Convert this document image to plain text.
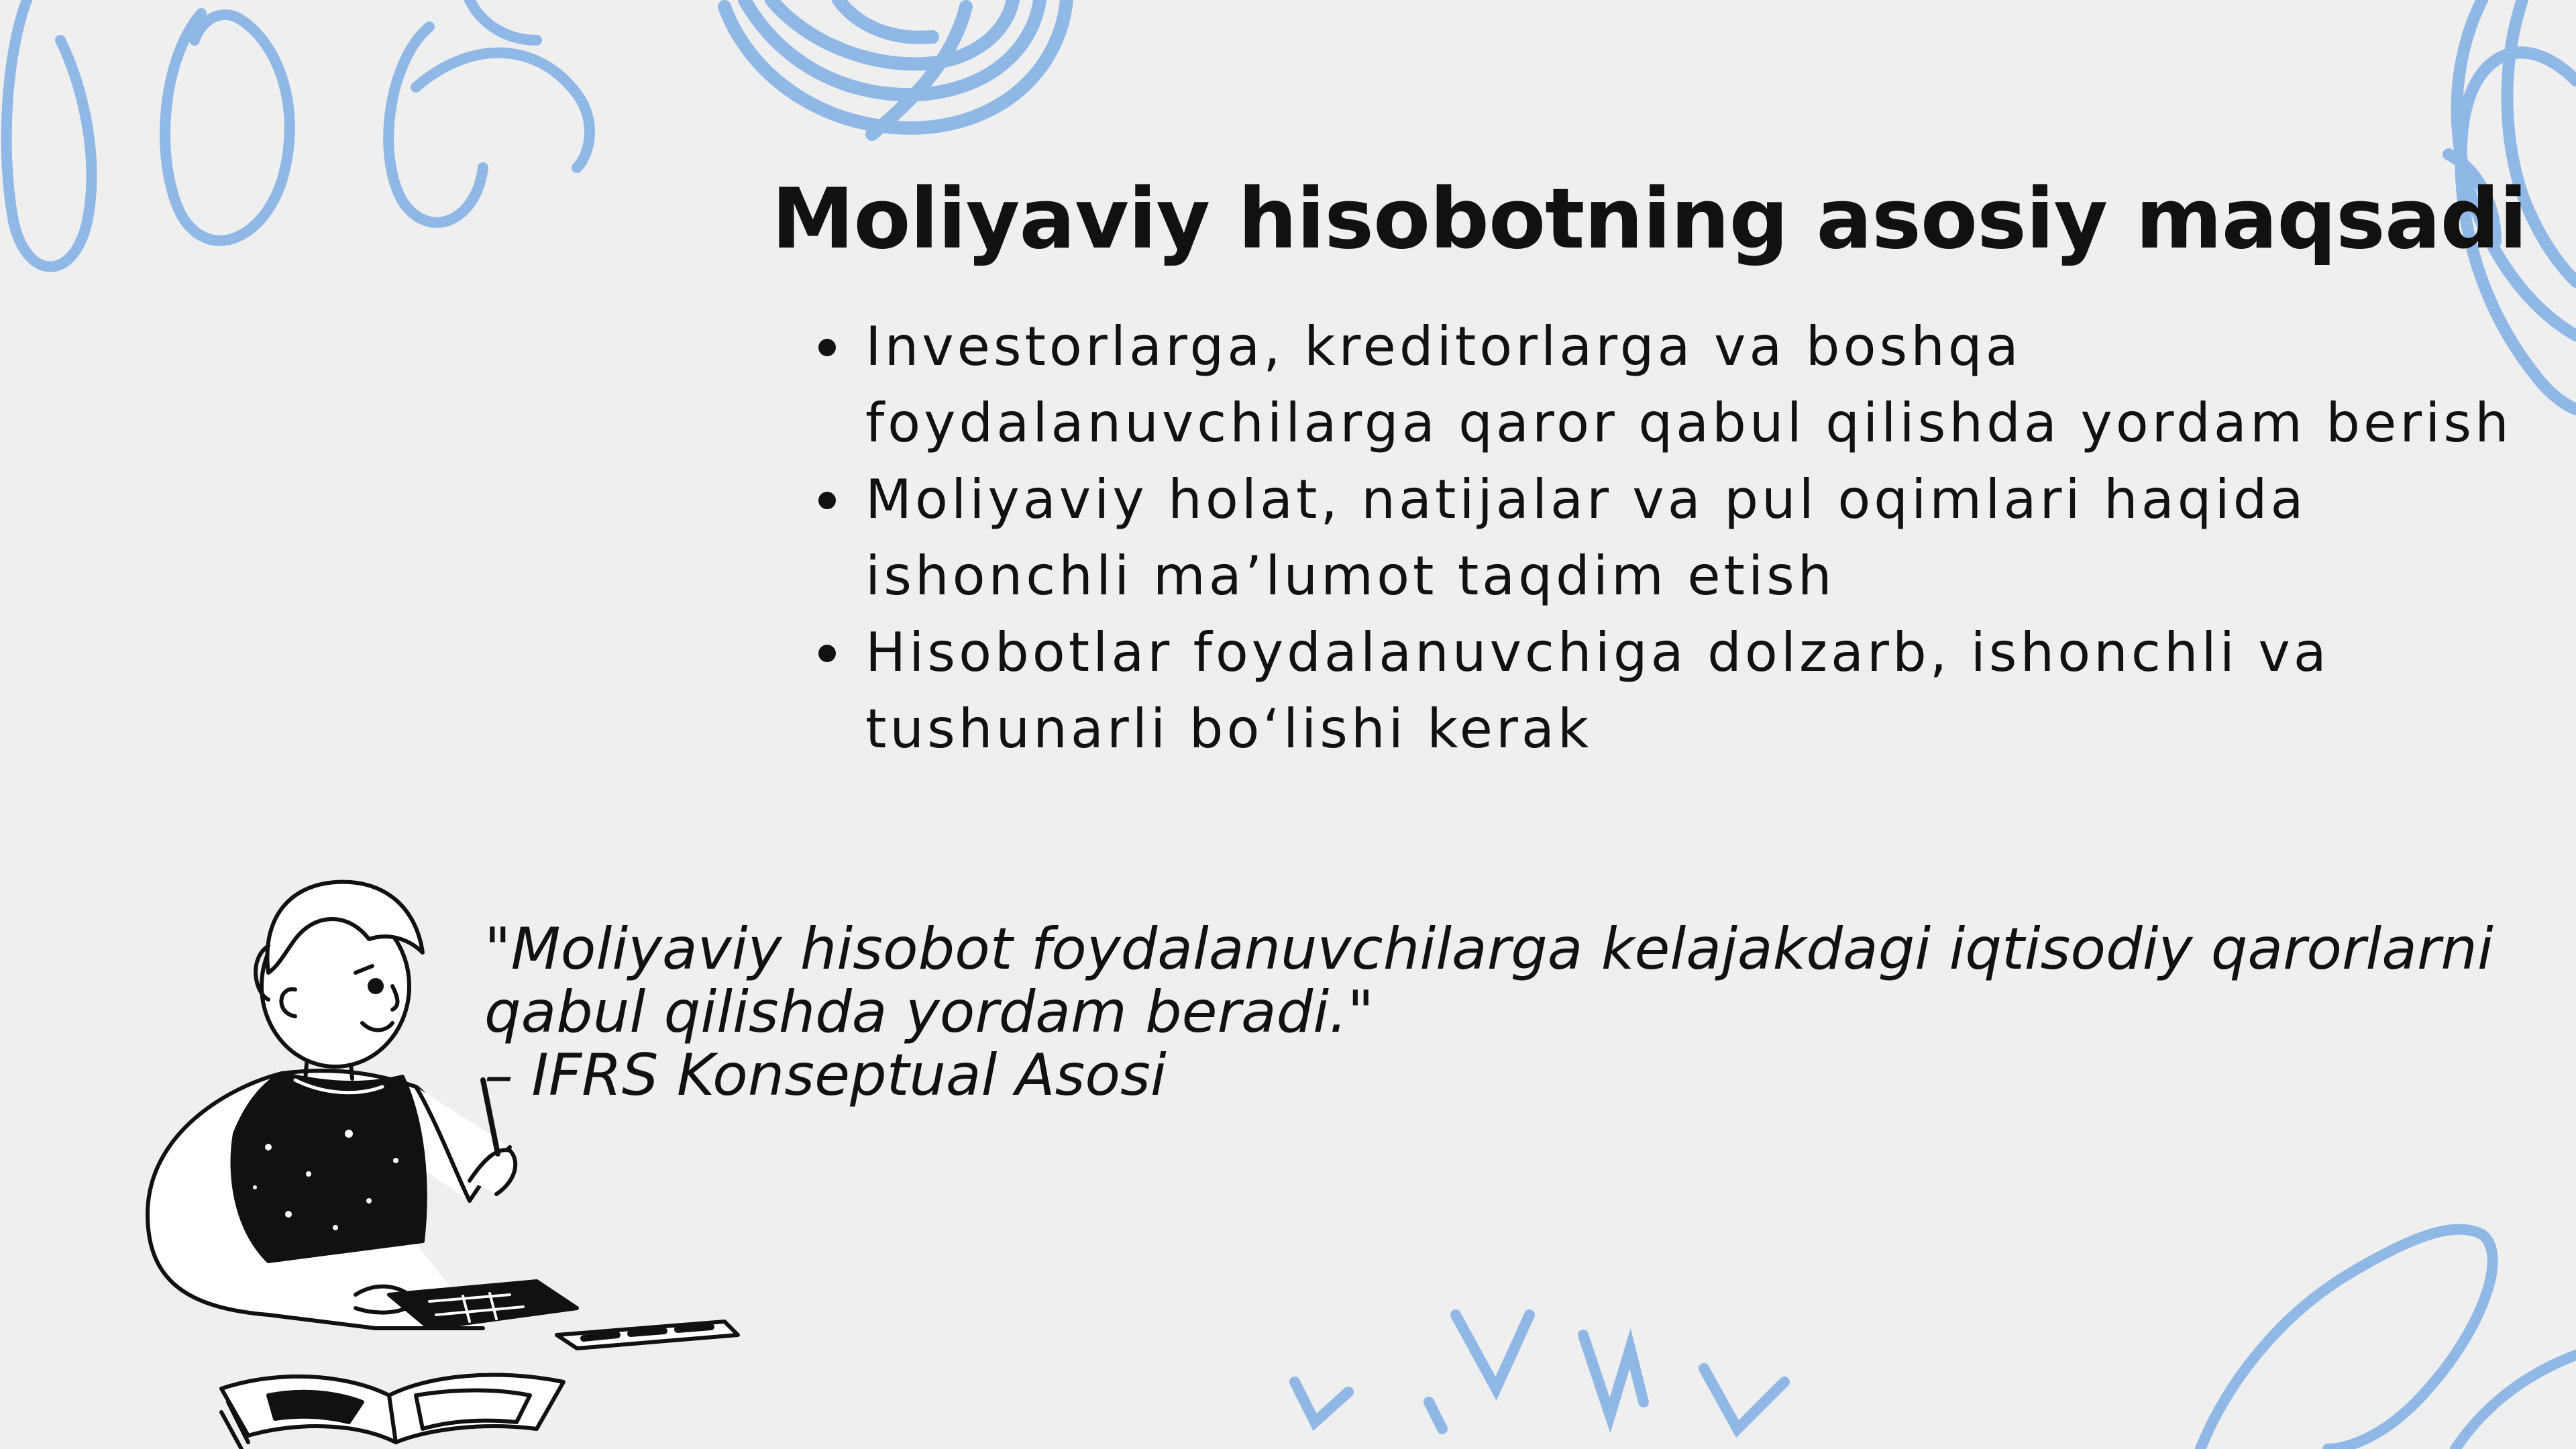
Moliyaviy hisobotning asosiy maqsadi
Investorlarga, kreditorlarga va boshqa
foydalanuvchilarga qaror qabul qilishda yordam berish
Moliyaviy holat, natijalar va pul oqimlari haqida
ishonchli ma’lumot taqdim etish
Hisobotlar foydalanuvchiga dolzarb, ishonchli va
tushunarli bo‘lishi kerak

"Moliyaviy hisobot foydalanuvchilarga kelajakdagi iqtisodiy qarorlarni

qabul qilishda yordam beradi."

– IFRS Konseptual Asosi
